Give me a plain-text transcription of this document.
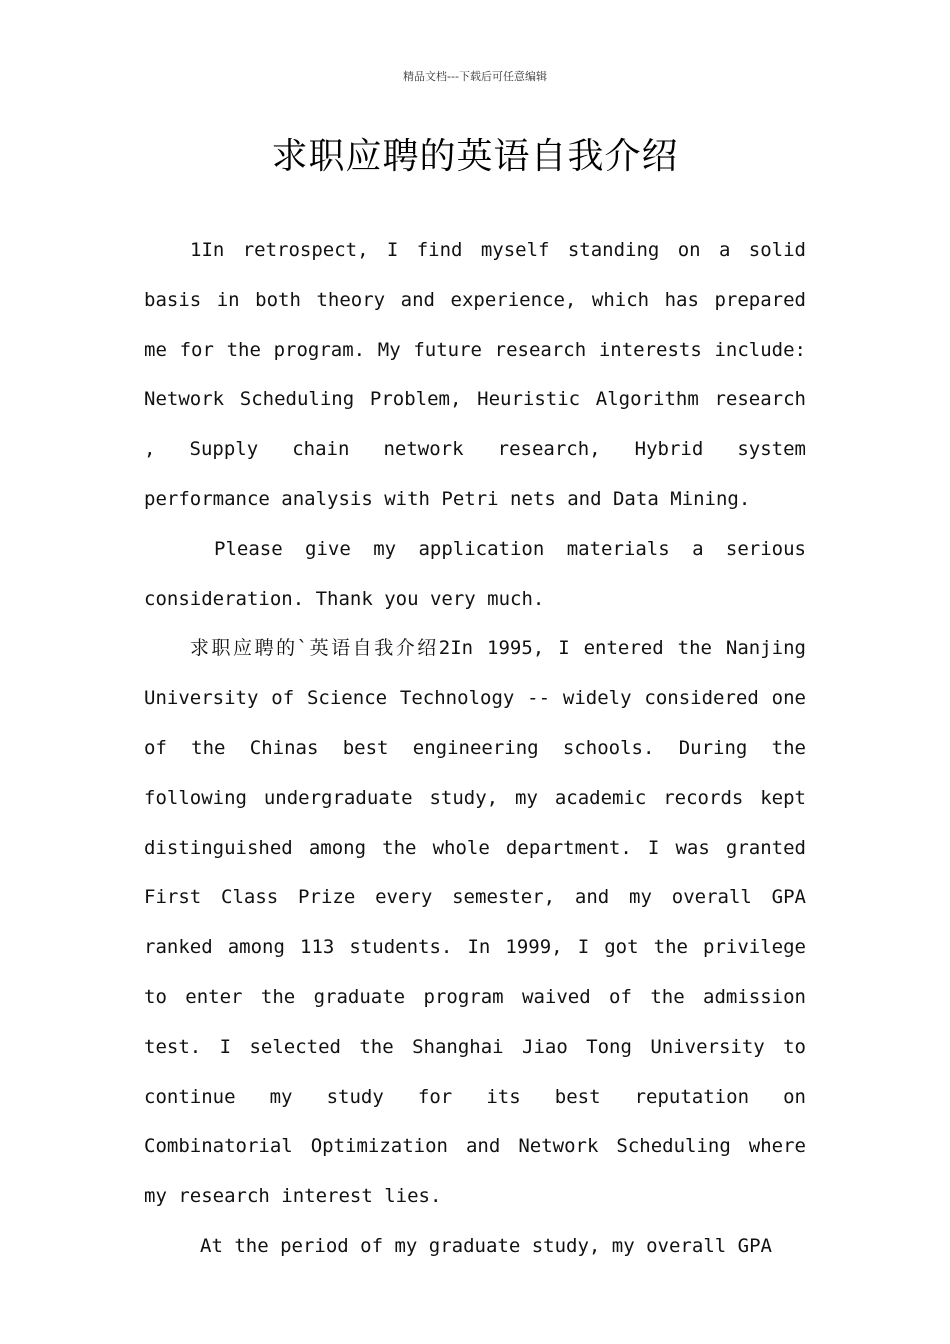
精品文档---下载后可任意编辑
求职应聘的英语自我介绍

1In retrospect, I find myself standing on a solid basis in both theory and experience, which has prepared me for the program. My future research interests include: Network Scheduling Problem, Heuristic Algorithm research , Supply chain network research, Hybrid system performance analysis with Petri nets and Data Mining.

Please give my application materials a serious consideration. Thank you very much.

求职应聘的`英语自我介绍2In 1995, I entered the Nanjing University of Science Technology -- widely considered one of the Chinas best engineering schools. During the following undergraduate study, my academic records kept distinguished among the whole department. I was granted First Class Prize every semester, and my overall GPA ranked among 113 students. In 1999, I got the privilege to enter the graduate program waived of the admission test. I selected the Shanghai Jiao Tong University to continue my study for its best reputation on Combinatorial Optimization and Network Scheduling where my research interest lies.

At the period of my graduate study, my overall GPA
